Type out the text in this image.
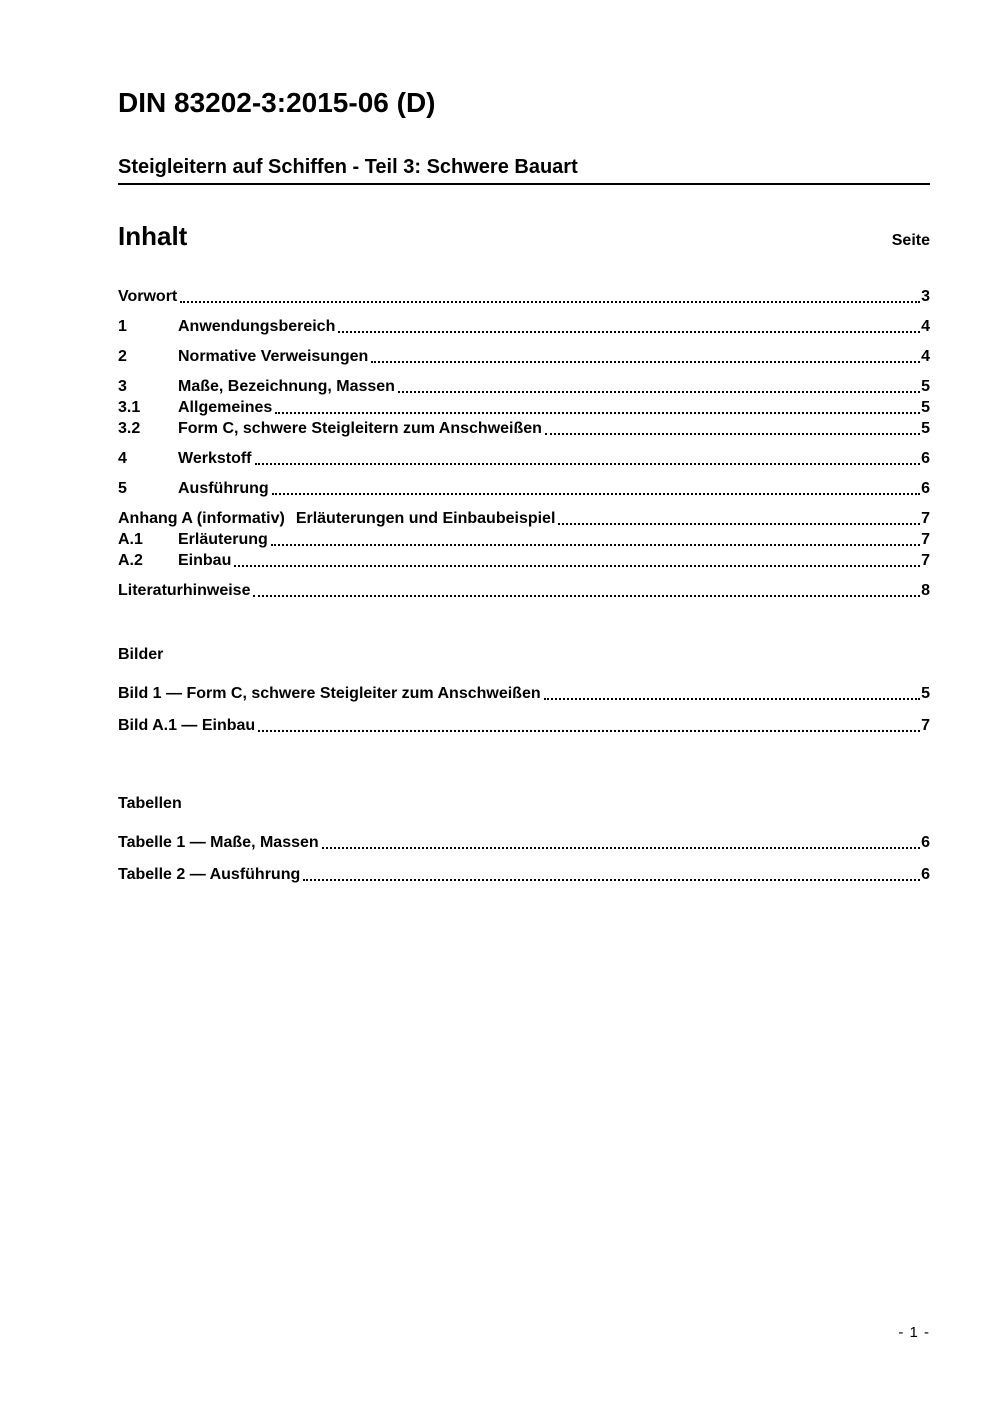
DIN 83202-3:2015-06 (D)
Steigleitern auf Schiffen - Teil 3: Schwere Bauart
Inhalt	Seite
Vorwort	3
1	Anwendungsbereich	4
2	Normative Verweisungen	4
3	Maße, Bezeichnung, Massen	5
3.1	Allgemeines	5
3.2	Form C, schwere Steigleitern zum Anschweißen	5
4	Werkstoff	6
5	Ausführung	6
Anhang A (informativ) Erläuterungen und Einbaubeispiel	7
A.1	Erläuterung	7
A.2	Einbau	7
Literaturhinweise	8
Bilder
Bild 1 — Form C, schwere Steigleiter zum Anschweißen	5
Bild A.1 — Einbau	7
Tabellen
Tabelle 1 — Maße, Massen	6
Tabelle 2 — Ausführung	6
- 1 -
